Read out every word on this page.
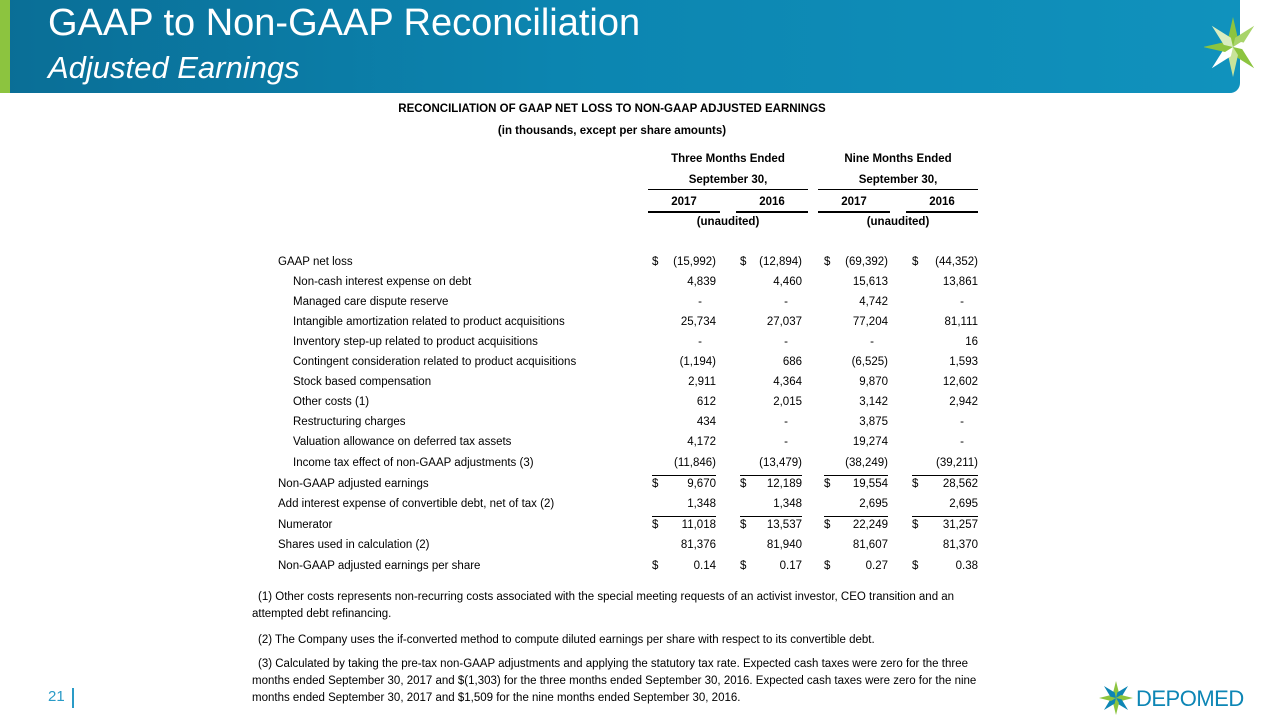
GAAP to Non-GAAP Reconciliation
Adjusted Earnings
RECONCILIATION OF GAAP NET LOSS TO NON-GAAP ADJUSTED EARNINGS
(in thousands, except per share amounts)
Three Months Ended
September 30,
2017	2016
(unaudited)
Nine Months Ended
September 30,
2017	2016
(unaudited)
GAAP net loss	$ (15,992) $ (12,894) $ (69,392) $ (44,352)
Non-cash interest expense on debt	4,839	4,460	15,613	13,861
Managed care dispute reserve	-	-	4,742	-
Intangible amortization related to product acquisitions	25,734	27,037	77,204	81,111
Inventory step-up related to product acquisitions	-	-	-	16
Contingent consideration related to product acquisitions	(1,194)	686	(6,525)	1,593
Stock based compensation	2,911	4,364	9,870	12,602
Other costs (1)	612	2,015	3,142	2,942
Restructuring charges	434	-	3,875	-
Valuation allowance on deferred tax assets	4,172	-	19,274	-
Income tax effect of non-GAAP adjustments (3)	(11,846)	(13,479)	(38,249)	(39,211)
Non-GAAP adjusted earnings	$	9,670 $ 12,189 $ 19,554 $ 28,562
Add interest expense of convertible debt, net of tax (2)	1,348	1,348	2,695	2,695
Numerator	$ 11,018 $ 13,537 $ 22,249 $ 31,257
Shares used in calculation (2)	81,376	81,940	81,607	81,370
Non-GAAP adjusted earnings per share	$	0.14 $	0.17 $	0.27 $	0.38
(1) Other costs represents non-recurring costs associated with the special meeting requests of an activist investor, CEO transition and an attempted debt refinancing.
(2) The Company uses the if-converted method to compute diluted earnings per share with respect to its convertible debt.
(3) Calculated by taking the pre-tax non-GAAP adjustments and applying the statutory tax rate. Expected cash taxes were zero for the three months ended September 30, 2017 and $(1,303) for the three months ended September 30, 2016. Expected cash taxes were zero for the nine months ended September 30, 2017 and $1,509 for the nine months ended September 30, 2016.
21	DEPOMED
